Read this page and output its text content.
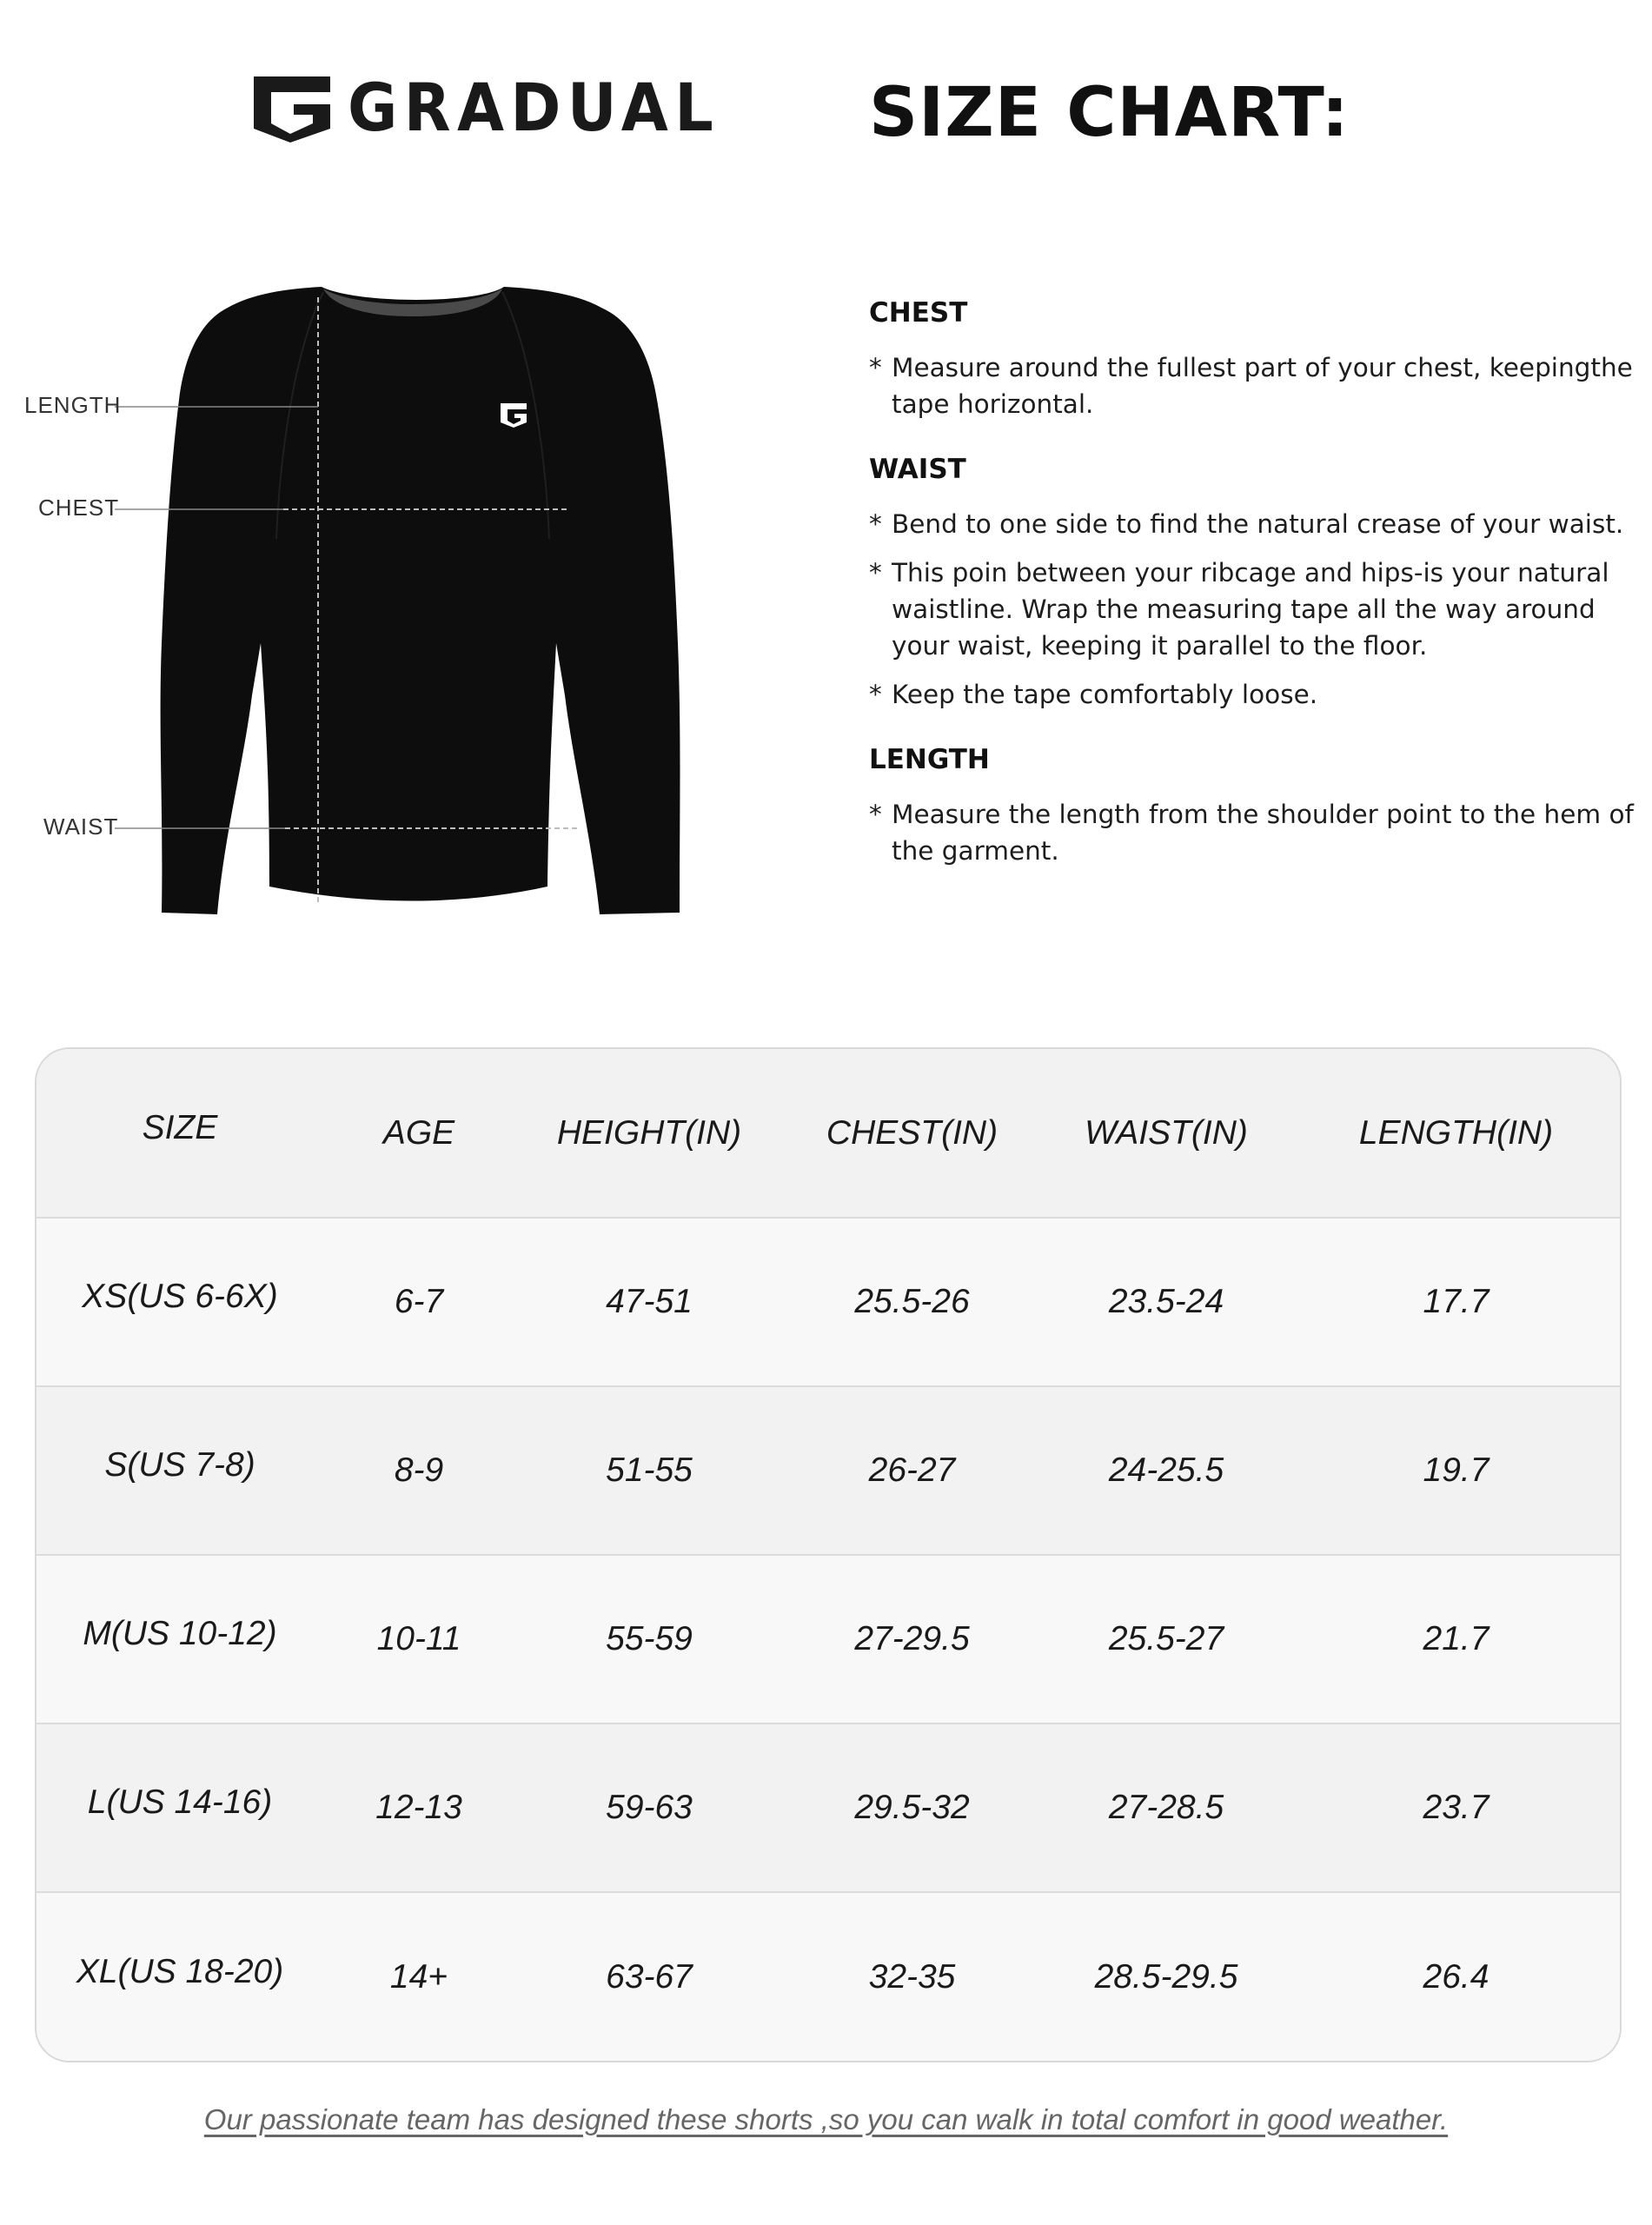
GRADUAL SIZE CHART:
LENGTH
CHEST
WAIST
CHEST
* Measure around the fullest part of your chest, keepingthe tape horizontal.
WAIST
* Bend to one side to find the natural crease of your waist.
* This poin between your ribcage and hips-is your natural waistline. Wrap the measuring tape all the way around your waist, keeping it parallel to the floor.
* Keep the tape comfortably loose.
LENGTH
* Measure the length from the shoulder point to the hem of the garment.
SIZE	AGE	HEIGHT(IN)	CHEST(IN)	WAIST(IN)	LENGTH(IN)
XS(US 6-6X)	6-7	47-51	25.5-26	23.5-24	17.7
S(US 7-8)	8-9	51-55	26-27	24-25.5	19.7
M(US 10-12)	10-11	55-59	27-29.5	25.5-27	21.7
L(US 14-16)	12-13	59-63	29.5-32	27-28.5	23.7
XL(US 18-20)	14+	63-67	32-35	28.5-29.5	26.4
Our passionate team has designed these shorts ,so you can walk in total comfort in good weather.
